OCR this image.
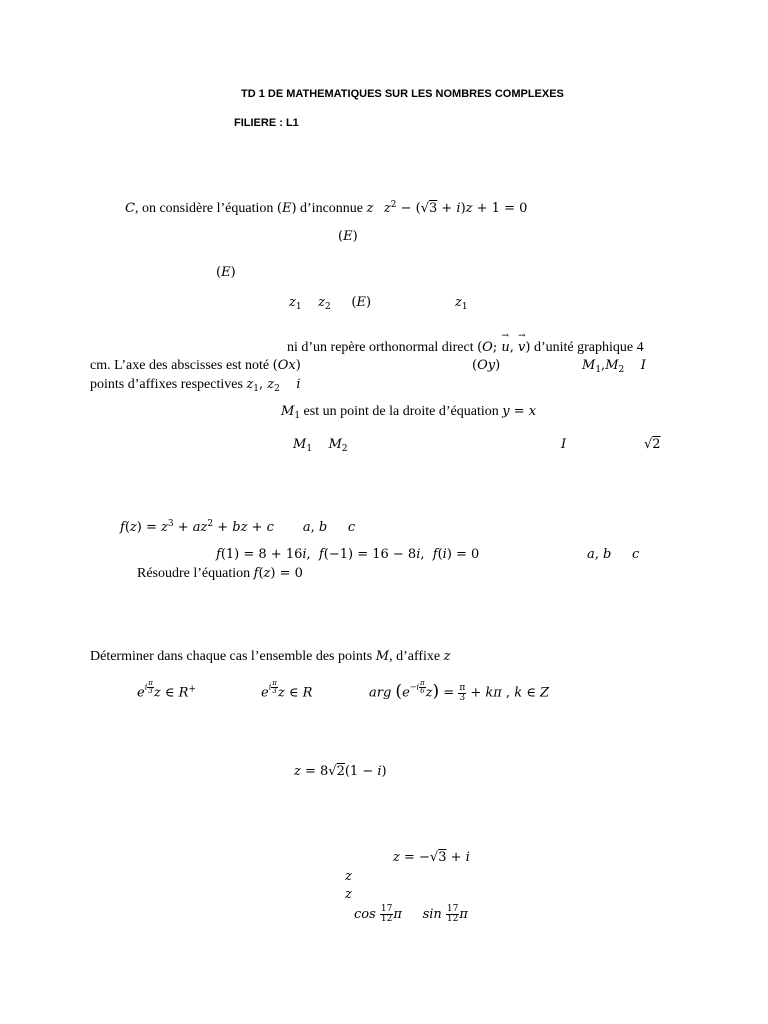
TD 1 DE MATHEMATIQUES SUR LES NOMBRES COMPLEXES
FILIERE : L1
C, on considère l’équation (E) d’inconnue z $z^2 - (√3 + i)z + 1 = 0$
(E)
(E)
$z_1$    $z_2$ (E)	$z_1$
ni d’un repère orthonormal direct (O; → u, → v) d’unité graphique 4
cm. L’axe des abscisses est noté (Ox)	(Oy)	$M_1,M_2$    I
points d’affixes respectives $z_1$, $z_2$    i
$M_1$ est un point de la droite d’équation y = x
$M_1$    $M_2$	I	√2
$f(z) = z^3 + az^2$ + bz + c       a, b     c
f(1) = 8 + 16i,  f(−1) = 16 − 8i,  f(i) = 0	a, b     c
Résoudre l’équation f(z) = 0
Déterminer dans chaque cas l’ensemble des points M, d’affixe z
ei $\frac{\pi}{3}$ z ∈ R+	ei $\frac{\pi}{3}$ z ∈ R	arg $(e-i \frac{\pi}{6} z) = \frac{\pi}{3} + k\pi$ , k ∈ Z
z = 8√2(1 − i)
z = −√3 + i
z
z
$\cos \frac{17}{12}$ π     $\sin \frac{17}{12}$ π
